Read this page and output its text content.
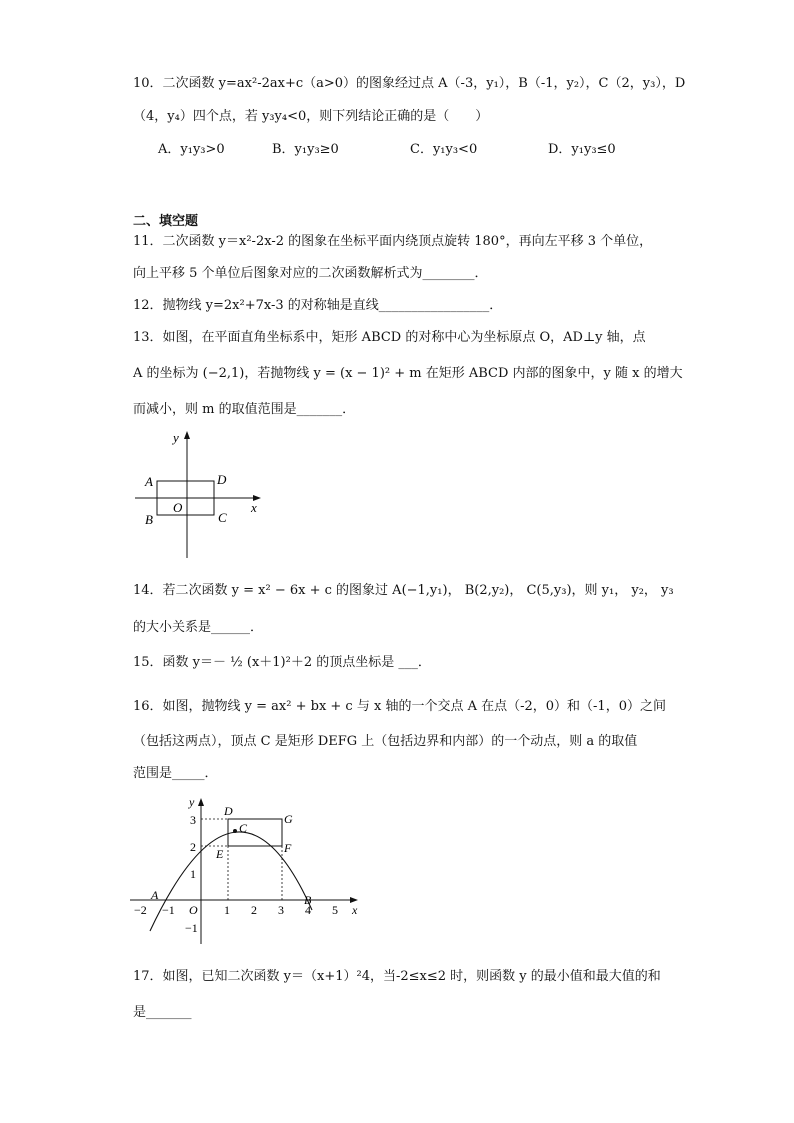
10．二次函数 y=ax²-2ax+c（a>0）的图象经过点 A（-3，y₁），B（-1，y₂），C（2，y₃），D
（4，y₄）四个点，若 y₃y₄<0，则下列结论正确的是（　　）
A．y₁y₃>0	B．y₁y₃≥0	C．y₁y₃<0	D．y₁y₃≤0
二、填空题
11．二次函数 y＝x²-2x-2 的图象在坐标平面内绕顶点旋转 180°，再向左平移 3 个单位，
向上平移 5 个单位后图象对应的二次函数解析式为________．
12．抛物线 y=2x²+7x-3 的对称轴是直线_________________．
13．如图，在平面直角坐标系中，矩形 ABCD 的对称中心为坐标原点 O，AD⊥y 轴，点
A 的坐标为 (−2,1)，若抛物线 y = (x − 1)² + m 在矩形 ABCD 内部的图象中，y 随 x 的增大
而减小，则 m 的取值范围是_______．
y
x
A	D
O
B	C
14．若二次函数 y = x² − 6x + c 的图象过 A(−1,y₁)， B(2,y₂)， C(5,y₃)，则 y₁， y₂， y₃
的大小关系是______．
15．函数 y＝－ ½ (x＋1)²＋2 的顶点坐标是 ___．
16．如图，抛物线 y = ax² + bx + c 与 x 轴的一个交点 A 在点（-2，0）和（-1，0）之间
（包括这两点），顶点 C 是矩形 DEFG 上（包括边界和内部）的一个动点，则 a 的取值
范围是_____．
3
2
1
−1
−2 −1	1 2 3 4 5
O	x
y
A	B
C
D
E	F
G
17．如图，已知二次函数 y＝（x+1）²4，当-2≤x≤2 时，则函数 y 的最小值和最大值的和
是_______
